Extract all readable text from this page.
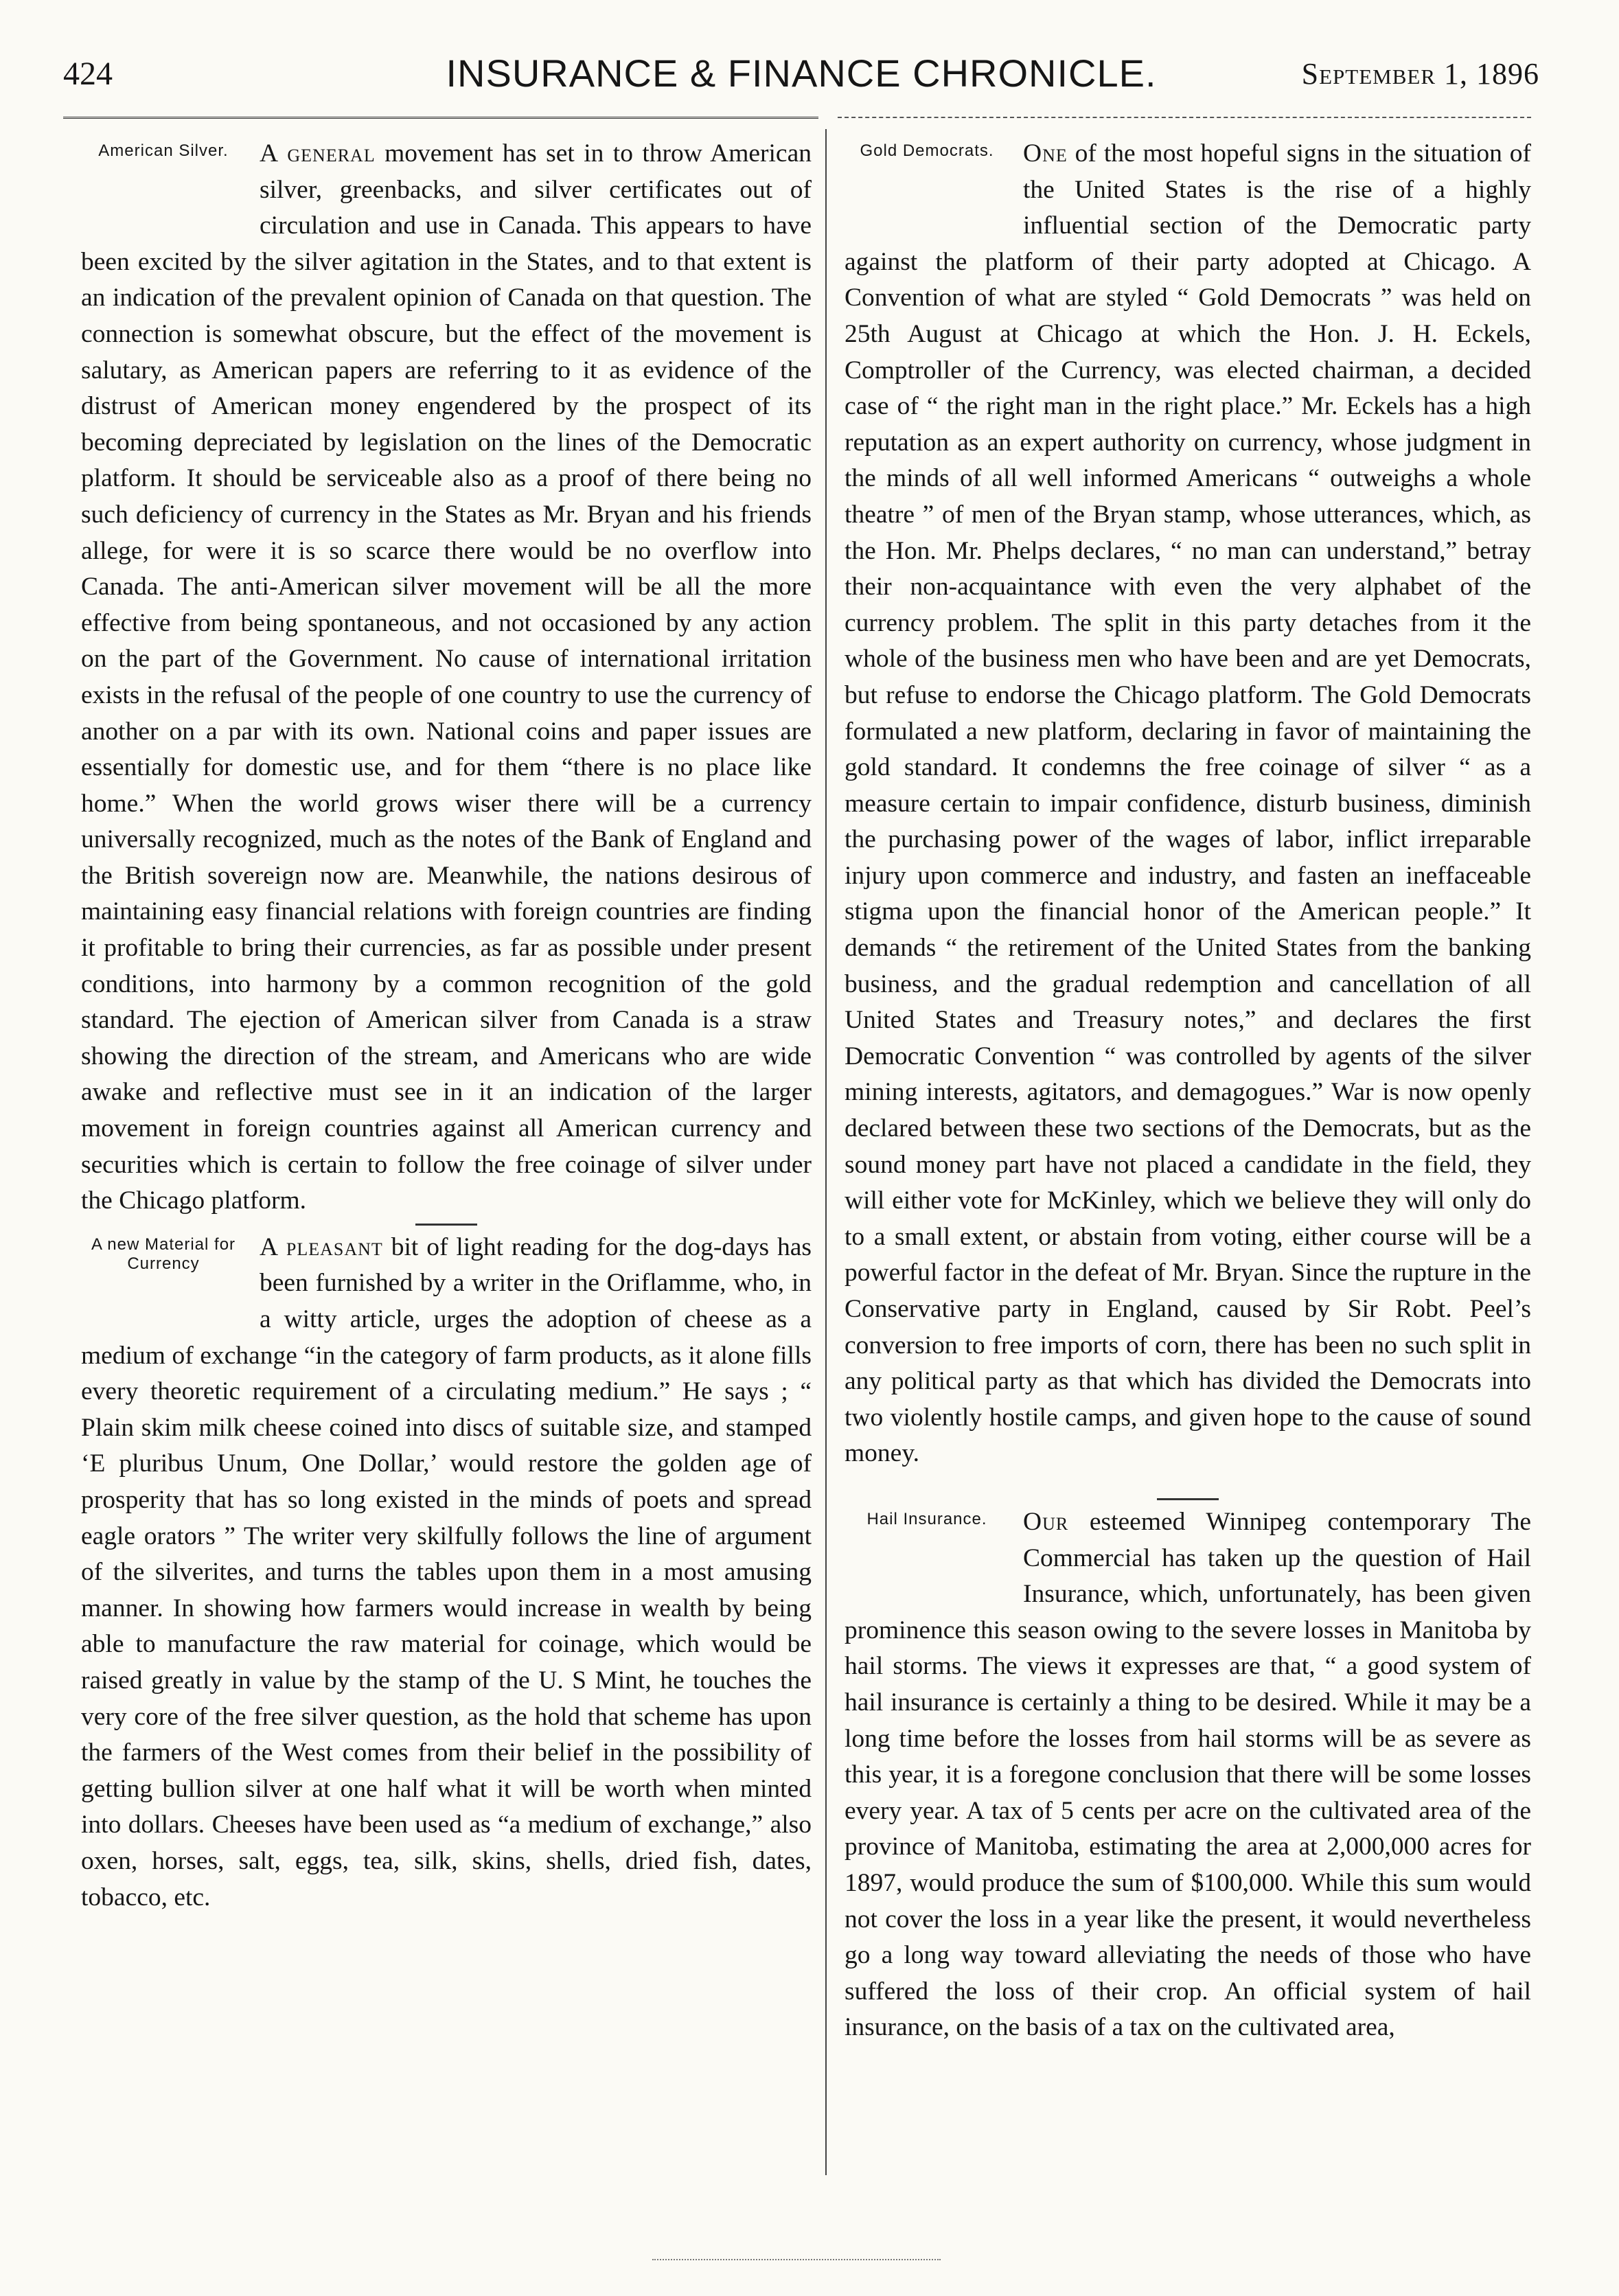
424	INSURANCE & FINANCE CHRONICLE.	September 1, 1896
American Silver.	A general movement has set in to throw American silver, greenbacks, and silver certificates out of circulation and use in Canada. This appears to have been excited by the silver agitation in the States, and to that extent is an indication of the prevalent opinion of Canada on that question. The connection is somewhat obscure, but the effect of the movement is salutary, as American papers are referring to it as evidence of the distrust of American money engendered by the prospect of its becoming depreciated by legislation on the lines of the Democratic platform. It should be serviceable also as a proof of there being no such deficiency of currency in the States as Mr. Bryan and his friends allege, for were it is so scarce there would be no overflow into Canada. The anti-American silver movement will be all the more effective from being spontaneous, and not occasioned by any action on the part of the Government. No cause of international irritation exists in the refusal of the people of one country to use the currency of another on a par with its own. National coins and paper issues are essentially for domestic use, and for them “there is no place like home.” When the world grows wiser there will be a currency universally recognized, much as the notes of the Bank of England and the British sovereign now are. Meanwhile, the nations desirous of maintaining easy financial relations with foreign countries are finding it profitable to bring their currencies, as far as possible under present conditions, into harmony by a common recognition of the gold standard. The ejection of American silver from Canada is a straw showing the direction of the stream, and Americans who are wide awake and reflective must see in it an indication of the larger movement in foreign countries against all American currency and securities which is certain to follow the free coinage of silver under the Chicago platform.

A new Material for Currency

A pleasant bit of light reading for the dog-days has been furnished by a writer in the Oriflamme, who, in a witty article, urges the adoption of cheese as a medium of exchange “in the category of farm products, as it alone fills every theoretic requirement of a circulating medium.” He says ; “ Plain skim milk cheese coined into discs of suitable size, and stamped ‘E pluribus Unum, One Dollar,’ would restore the golden age of prosperity that has so long existed in the minds of poets and spread eagle orators ” The writer very skilfully follows the line of argument of the silverites, and turns the tables upon them in a most amusing manner. In showing how farmers would increase in wealth by being able to manufacture the raw material for coinage, which would be raised greatly in value by the stamp of the U. S Mint, he touches the very core of the free silver question, as the hold that scheme has upon the farmers of the West comes from their belief in the possibility of getting bullion silver at one half what it will be worth when minted into dollars. Cheeses have been used as “a medium of exchange,” also oxen, horses, salt, eggs, tea, silk, skins, shells, dried fish, dates, tobacco, etc.

Gold Democrats.	One of the most hopeful signs in the situation of the United States is the rise of a highly influential section of the Democratic party against the platform of their party adopted at Chicago. A Convention of what are styled “ Gold Democrats ” was held on 25th August at Chicago at which the Hon. J. H. Eckels, Comptroller of the Currency, was elected chairman, a decided case of “ the right man in the right place.” Mr. Eckels has a high reputation as an expert authority on currency, whose judgment in the minds of all well informed Americans “ outweighs a whole theatre ” of men of the Bryan stamp, whose utterances, which, as the Hon. Mr. Phelps declares, “ no man can understand,” betray their non-acquaintance with even the very alphabet of the currency problem. The split in this party detaches from it the whole of the business men who have been and are yet Democrats, but refuse to endorse the Chicago platform. The Gold Democrats formulated a new platform, declaring in favor of maintaining the gold standard. It condemns the free coinage of silver “ as a measure certain to impair confidence, disturb business, diminish the purchasing power of the wages of labor, inflict irreparable injury upon commerce and industry, and fasten an ineffaceable stigma upon the financial honor of the American people.” It demands “ the retirement of the United States from the banking business, and the gradual redemption and cancellation of all United States and Treasury notes,” and declares the first Democratic Convention “ was controlled by agents of the silver mining interests, agitators, and demagogues.” War is now openly declared between these two sections of the Democrats, but as the sound money part have not placed a candidate in the field, they will either vote for McKinley, which we believe they will only do to a small extent, or abstain from voting, either course will be a powerful factor in the defeat of Mr. Bryan. Since the rupture in the Conservative party in England, caused by Sir Robt. Peel’s conversion to free imports of corn, there has been no such split in any political party as that which has divided the Democrats into two violently hostile camps, and given hope to the cause of sound money.

Hail Insurance.	Our esteemed Winnipeg contemporary The Commercial has taken up the question of Hail Insurance, which, unfortunately, has been given prominence this season owing to the severe losses in Manitoba by hail storms. The views it expresses are that, “ a good system of hail insurance is certainly a thing to be desired. While it may be a long time before the losses from hail storms will be as severe as this year, it is a foregone conclusion that there will be some losses every year. A tax of 5 cents per acre on the cultivated area of the province of Manitoba, estimating the area at 2,000,000 acres for 1897, would produce the sum of $100,000. While this sum would not cover the loss in a year like the present, it would nevertheless go a long way toward alleviating the needs of those who have suffered the loss of their crop. An official system of hail insurance, on the basis of a tax on the cultivated area,
